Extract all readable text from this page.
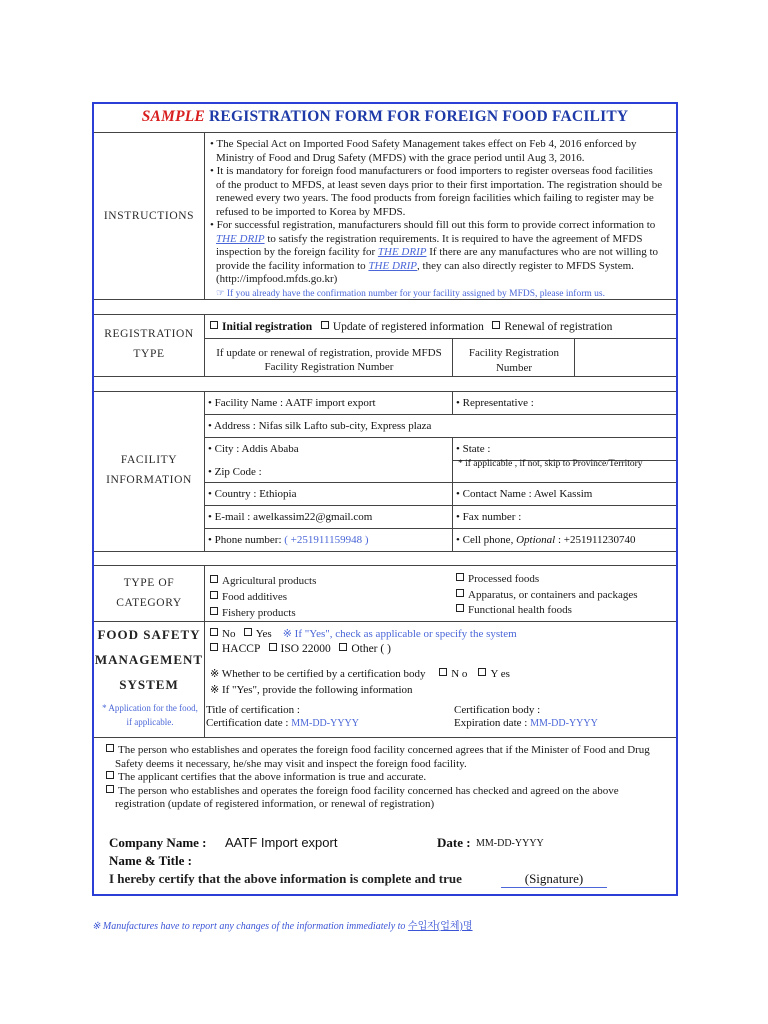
SAMPLE REGISTRATION FORM FOR FOREIGN FOOD FACILITY
INSTRUCTIONS
• The Special Act on Imported Food Safety Management takes effect on Feb 4, 2016 enforced by Ministry of Food and Drug Safety (MFDS) with the grace period until Aug 3, 2016.
• It is mandatory for foreign food manufacturers or food importers to register overseas food facilities of the product to MFDS, at least seven days prior to their first importation. The registration should be renewed every two years. The food products from foreign facilities which failing to register may be refused to be imported to Korea by MFDS.
• For successful registration, manufacturers should fill out this form to provide correct information to THE DRIP to satisfy the registration requirements. It is required to have the agreement of MFDS inspection by the foreign facility for THE DRIP If there are any manufactures who are not willing to provide the facility information to THE DRIP, they can also directly register to MFDS System. (http://impfood.mfds.go.kr)
☞ If you already have the confirmation number for your facility assigned by MFDS, please inform us.
REGISTRATION TYPE
Initial registration Update of registered information Renewal of registration
If update or renewal of registration, provide MFDS Facility Registration Number
Facility Registration Number
FACILITY INFORMATION
• Facility Name : AATF import export	• Representative :
• Address : Nifas silk Lafto sub-city, Express plaza
• City : Addis Ababa	• State :
* if applicable , if not, skip to Province/Territory
• Zip Code :
• Country : Ethiopia	• Contact Name : Awel Kassim
• E-mail : awelkassim22@gmail.com	• Fax number :
• Phone number: ( +251911159948 )	• Cell phone, Optional : +251911230740
TYPE OF CATEGORY
Agricultural products
Food additives
Fishery products
Processed foods
Apparatus, or containers and packages
Functional health foods
FOOD SAFETY MANAGEMENT SYSTEM
* Application for the food, if applicable.
No Yes ※ If "Yes", check as applicable or specify the system
HACCP ISO 22000 Other ( )
※ Whether to be certified by a certification body N o Y es
※ If "Yes", provide the following information
Title of certification :	Certification body :
Certification date : MM-DD-YYYY	Expiration date : MM-DD-YYYY
The person who establishes and operates the foreign food facility concerned agrees that if the Minister of Food and Drug Safety deems it necessary, he/she may visit and inspect the foreign food facility.
The applicant certifies that the above information is true and accurate.
The person who establishes and operates the foreign food facility concerned has checked and agreed on the above registration (update of registered information, or renewal of registration)
Company Name : AATF Import export	Date : MM-DD-YYYY
Name & Title :
I hereby certify that the above information is complete and true	(Signature)
※ Manufactures have to report any changes of the information immediately to 수입자(업체)명
